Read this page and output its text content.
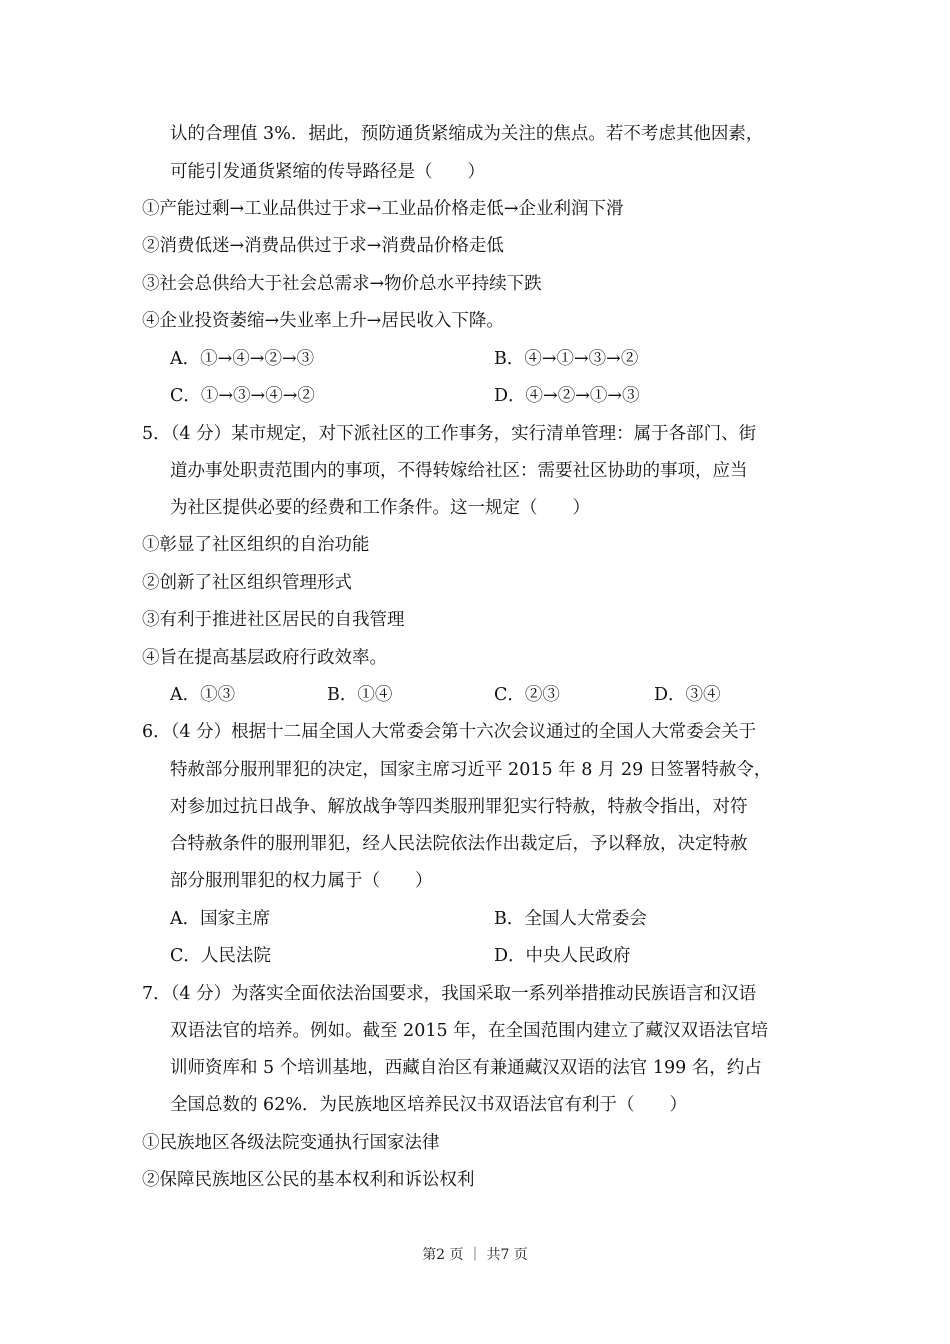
认的合理值 3%．据此，预防通货紧缩成为关注的焦点。若不考虑其他因素，
可能引发通货紧缩的传导路径是（　　）
①产能过剩→工业品供过于求→工业品价格走低→企业利润下滑
②消费低迷→消费品供过于求→消费品价格走低
③社会总供给大于社会总需求→物价总水平持续下跌
④企业投资萎缩→失业率上升→居民收入下降。
A．①→④→②→③	B．④→①→③→②
C．①→③→④→②	D．④→②→①→③
5．（4 分）某市规定，对下派社区的工作事务，实行清单管理：属于各部门、街
道办事处职责范围内的事项，不得转嫁给社区：需要社区协助的事项，应当
为社区提供必要的经费和工作条件。这一规定（　　）
①彰显了社区组织的自治功能
②创新了社区组织管理形式
③有利于推进社区居民的自我管理
④旨在提高基层政府行政效率。
A．①③	B．①④	C．②③	D．③④
6．（4 分）根据十二届全国人大常委会第十六次会议通过的全国人大常委会关于
特赦部分服刑罪犯的决定，国家主席习近平 2015 年 8 月 29 日签署特赦令，
对参加过抗日战争、解放战争等四类服刑罪犯实行特赦，特赦令指出，对符
合特赦条件的服刑罪犯，经人民法院依法作出裁定后，予以释放，决定特赦
部分服刑罪犯的权力属于（　　）
A．国家主席	B．全国人大常委会
C．人民法院	D．中央人民政府
7．（4 分）为落实全面依法治国要求，我国采取一系列举措推动民族语言和汉语
双语法官的培养。例如。截至 2015 年，在全国范围内建立了藏汉双语法官培
训师资库和 5 个培训基地，西藏自治区有兼通藏汉双语的法官 199 名，约占
全国总数的 62%．为民族地区培养民汉书双语法官有利于（　　）
①民族地区各级法院变通执行国家法律
②保障民族地区公民的基本权利和诉讼权利
第2 页 ｜ 共7 页
